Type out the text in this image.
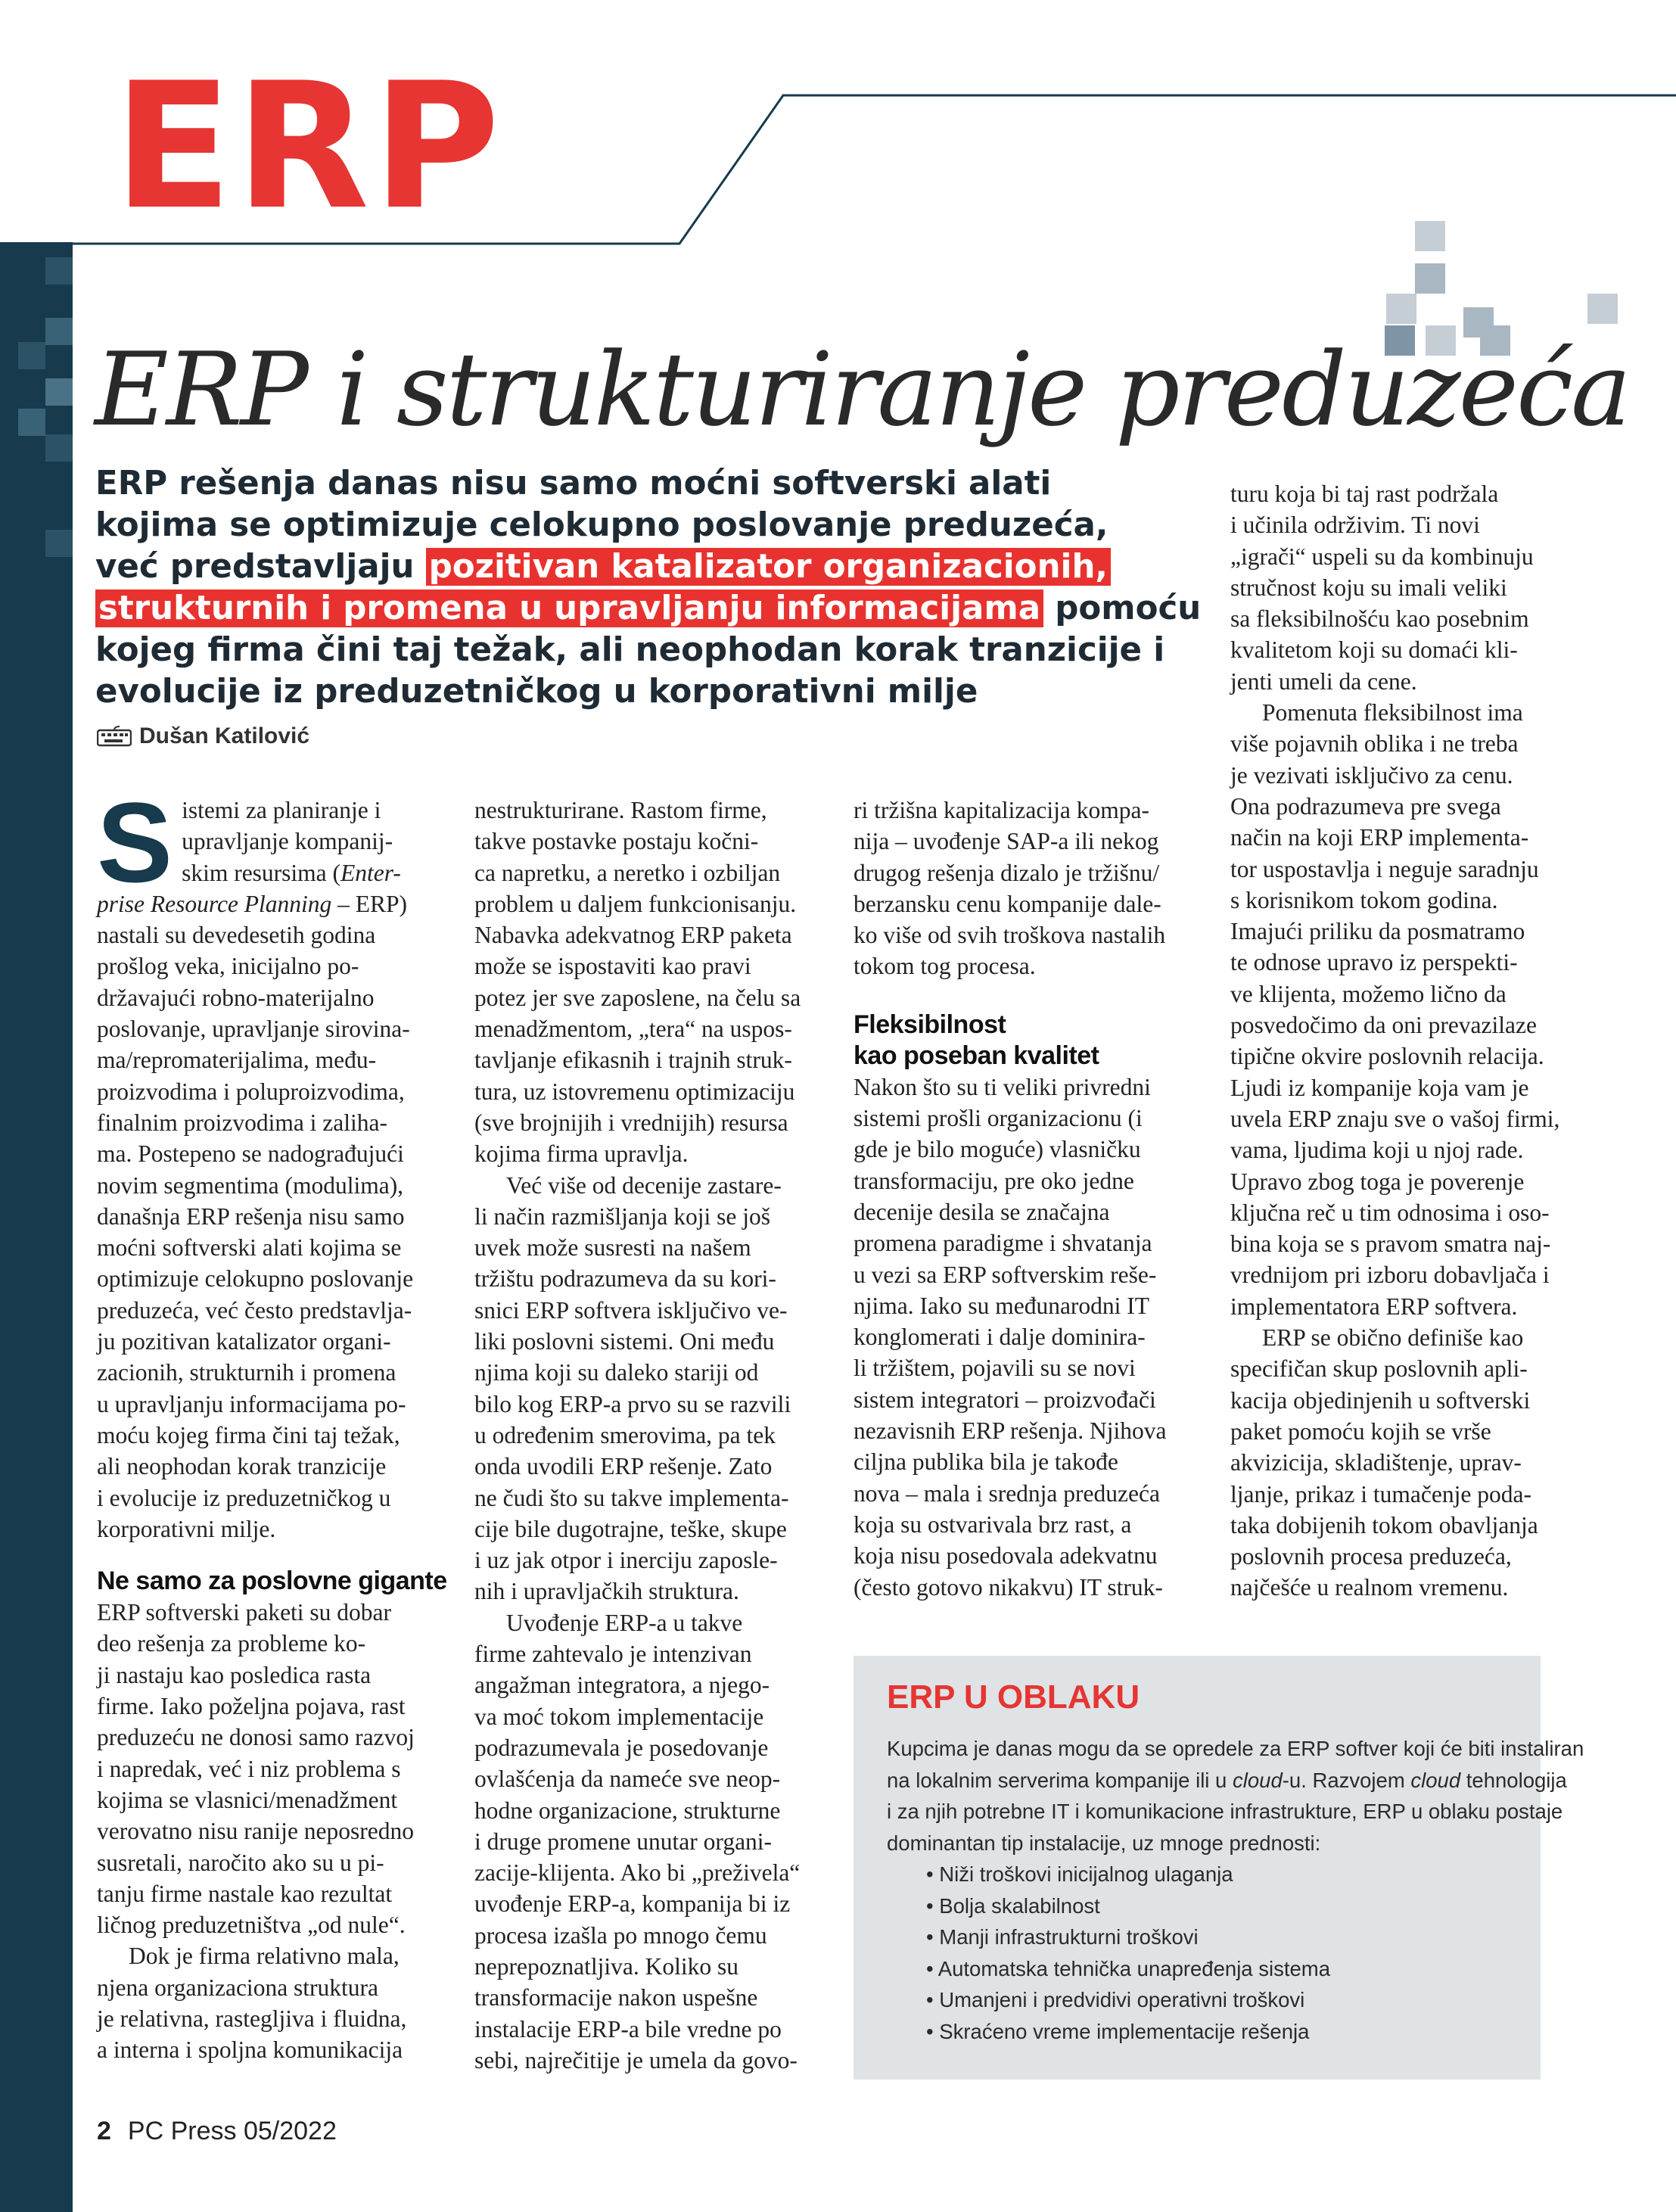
ERP
ERP i strukturiranje preduzeća
ERP rešenja danas nisu samo moćni softverski alati
kojima se optimizuje celokupno poslovanje preduzeća,
već predstavljaju pozitivan katalizator organizacionih,
strukturnih i promena u upravljanju informacijama pomoću
kojeg firma čini taj težak, ali neophodan korak tranzicije i
evolucije iz preduzetničkog u korporativni milje
Dušan Katilović
S istemi za planiranje i

upravljanje kompanij-

skim resursima (Enter-

prise Resource Planning – ERP)

nastali su devedesetih godina

prošlog veka, inicijalno po-

državajući robno-materijalno

poslovanje, upravljanje sirovina-

ma/repromaterijalima, među-

proizvodima i poluproizvodima,

finalnim proizvodima i zaliha-

ma. Postepeno se nadograđujući

novim segmentima (modulima),

današnja ERP rešenja nisu samo

moćni softverski alati kojima se

optimizuje celokupno poslovanje

preduzeća, već često predstavlja-

ju pozitivan katalizator organi-

zacionih, strukturnih i promena

u upravljanju informacijama po-

moću kojeg firma čini taj težak,

ali neophodan korak tranzicije

i evolucije iz preduzetničkog u

korporativni milje.

Ne samo za poslovne gigante

ERP softverski paketi su dobar

deo rešenja za probleme ko-

ji nastaju kao posledica rasta

firme. Iako poželjna pojava, rast

preduzeću ne donosi samo razvoj

i napredak, već i niz problema s

kojima se vlasnici/menadžment

verovatno nisu ranije neposredno

susretali, naročito ako su u pi-

tanju firme nastale kao rezultat

ličnog preduzetništva „od nule“.

Dok je firma relativno mala,

njena organizaciona struktura

je relativna, rastegljiva i fluidna,

a interna i spoljna komunikacija

nestrukturirane. Rastom firme,

takve postavke postaju kočni-

ca napretku, a neretko i ozbiljan

problem u daljem funkcionisanju.

Nabavka adekvatnog ERP paketa

može se ispostaviti kao pravi

potez jer sve zaposlene, na čelu sa

menadžmentom, „tera“ na uspos-

tavljanje efikasnih i trajnih struk-

tura, uz istovremenu optimizaciju

(sve brojnijih i vrednijih) resursa

kojima firma upravlja.

Već više od decenije zastare-

li način razmišljanja koji se još

uvek može susresti na našem

tržištu podrazumeva da su kori-

snici ERP softvera isključivo ve-

liki poslovni sistemi. Oni među

njima koji su daleko stariji od

bilo kog ERP-a prvo su se razvili

u određenim smerovima, pa tek

onda uvodili ERP rešenje. Zato

ne čudi što su takve implementa-

cije bile dugotrajne, teške, skupe

i uz jak otpor i inerciju zaposle-

nih i upravljačkih struktura.

Uvođenje ERP-a u takve

firme zahtevalo je intenzivan

angažman integratora, a njego-

va moć tokom implementacije

podrazumevala je posedovanje

ovlašćenja da nameće sve neop-

hodne organizacione, strukturne

i druge promene unutar organi-

zacije-klijenta. Ako bi „preživela“

uvođenje ERP-a, kompanija bi iz

procesa izašla po mnogo čemu

neprepoznatljiva. Koliko su

transformacije nakon uspešne

instalacije ERP-a bile vredne po

sebi, najrečitije je umela da govo-

ri tržišna kapitalizacija kompa-

nija – uvođenje SAP-a ili nekog

drugog rešenja dizalo je tržišnu/

berzansku cenu kompanije dale-

ko više od svih troškova nastalih

tokom tog procesa.

Fleksibilnost
kao poseban kvalitet

Nakon što su ti veliki privredni

sistemi prošli organizacionu (i

gde je bilo moguće) vlasničku

transformaciju, pre oko jedne

decenije desila se značajna

promena paradigme i shvatanja

u vezi sa ERP softverskim reše-

njima. Iako su međunarodni IT

konglomerati i dalje dominira-

li tržištem, pojavili su se novi

sistem integratori – proizvođači

nezavisnih ERP rešenja. Njihova

ciljna publika bila je takođe

nova – mala i srednja preduzeća

koja su ostvarivala brz rast, a

koja nisu posedovala adekvatnu

(često gotovo nikakvu) IT struk-

turu koja bi taj rast podržala

i učinila održivim. Ti novi

„igrači“ uspeli su da kombinuju

stručnost koju su imali veliki

sa fleksibilnošću kao posebnim

kvalitetom koji su domaći kli-

jenti umeli da cene.

Pomenuta fleksibilnost ima

više pojavnih oblika i ne treba

je vezivati isključivo za cenu.

Ona podrazumeva pre svega

način na koji ERP implementa-

tor uspostavlja i neguje saradnju

s korisnikom tokom godina.

Imajući priliku da posmatramo

te odnose upravo iz perspekti-

ve klijenta, možemo lično da

posvedočimo da oni prevazilaze

tipične okvire poslovnih relacija.

Ljudi iz kompanije koja vam je

uvela ERP znaju sve o vašoj firmi,

vama, ljudima koji u njoj rade.

Upravo zbog toga je poverenje

ključna reč u tim odnosima i oso-

bina koja se s pravom smatra naj-

vrednijom pri izboru dobavljača i

implementatora ERP softvera.

ERP se obično definiše kao

specifičan skup poslovnih apli-

kacija objedinjenih u softverski

paket pomoću kojih se vrše

akvizicija, skladištenje, uprav-

ljanje, prikaz i tumačenje poda-

taka dobijenih tokom obavljanja

poslovnih procesa preduzeća,

najčešće u realnom vremenu.

ERP U OBLAKU

Kupcima je danas mogu da se opredele za ERP softver koji će biti instaliran

na lokalnim serverima kompanije ili u cloud-u. Razvojem cloud tehnologija

i za njih potrebne IT i komunikacione infrastrukture, ERP u oblaku postaje

dominantan tip instalacije, uz mnoge prednosti:

• Niži troškovi inicijalnog ulaganja
• Bolja skalabilnost
• Manji infrastrukturni troškovi
• Automatska tehnička unapređenja sistema
• Umanjeni i predvidivi operativni troškovi
• Skraćeno vreme implementacije rešenja
2 PC Press 05/2022
